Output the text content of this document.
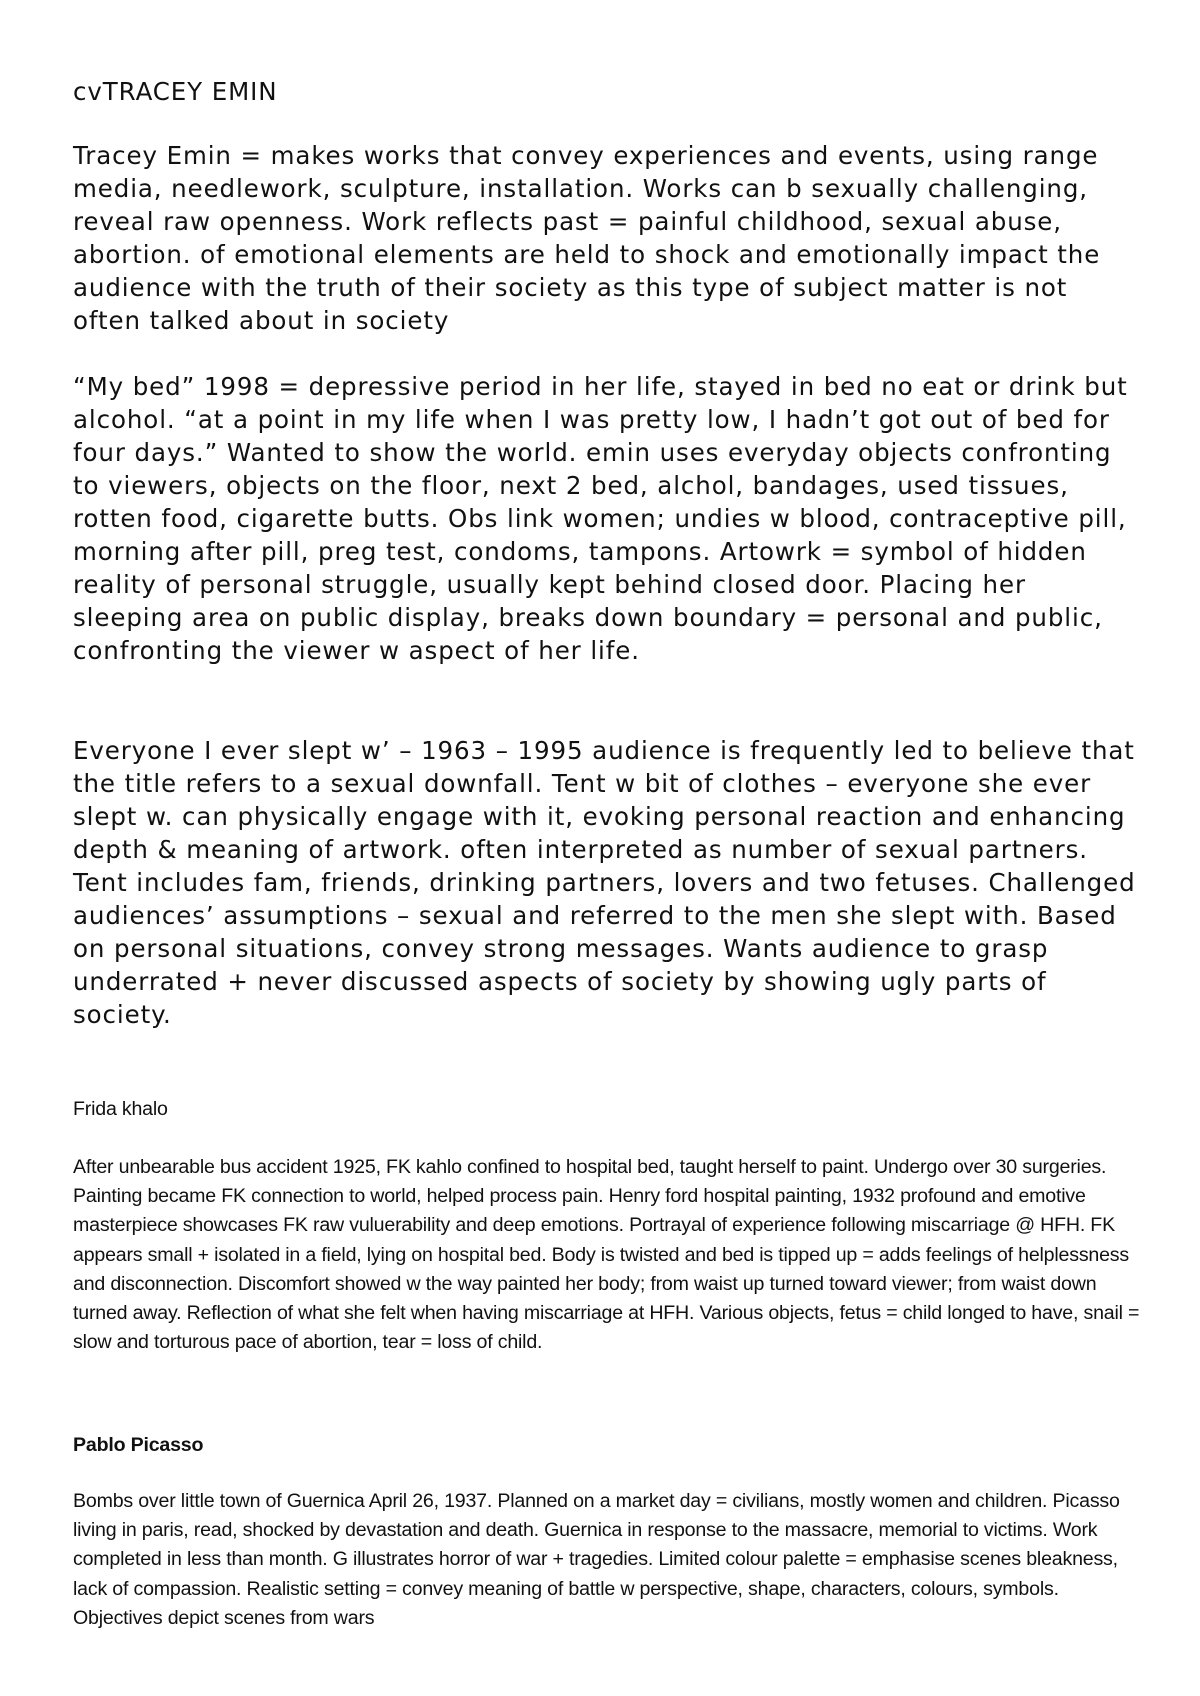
cvTRACEY EMIN

Tracey Emin = makes works that convey experiences and events, using range media, needlework, sculpture, installation. Works can b sexually challenging, reveal raw openness. Work reflects past = painful childhood, sexual abuse, abortion. of emotional elements are held to shock and emotionally impact the audience with the truth of their society as this type of subject matter is not often talked about in society

“My bed” 1998 = depressive period in her life, stayed in bed no eat or drink but alcohol. “at a point in my life when I was pretty low, I hadn’t got out of bed for four days.” Wanted to show the world. emin uses everyday objects confronting to viewers, objects on the floor, next 2 bed, alchol, bandages, used tissues, rotten food, cigarette butts. Obs link women; undies w blood, contraceptive pill, morning after pill, preg test, condoms, tampons. Artowrk = symbol of hidden reality of personal struggle, usually kept behind closed door. Placing her sleeping area on public display, breaks down boundary = personal and public, confronting the viewer w aspect of her life.

Everyone I ever slept w’ – 1963 – 1995 audience is frequently led to believe that the title refers to a sexual downfall. Tent w bit of clothes – everyone she ever slept w. can physically engage with it, evoking personal reaction and enhancing depth & meaning of artwork. often interpreted as number of sexual partners. Tent includes fam, friends, drinking partners, lovers and two fetuses. Challenged audiences’ assumptions – sexual and referred to the men she slept with. Based on personal situations, convey strong messages. Wants audience to grasp underrated + never discussed aspects of society by showing ugly parts of society.

Frida khalo

After unbearable bus accident 1925, FK kahlo confined to hospital bed, taught herself to paint. Undergo over 30 surgeries. Painting became FK connection to world, helped process pain. Henry ford hospital painting, 1932 profound and emotive masterpiece showcases FK raw vuluerability and deep emotions. Portrayal of experience following miscarriage @ HFH. FK appears small + isolated in a field, lying on hospital bed. Body is twisted and bed is tipped up = adds feelings of helplessness and disconnection. Discomfort showed w the way painted her body; from waist up turned toward viewer; from waist down turned away. Reflection of what she felt when having miscarriage at HFH. Various objects, fetus = child longed to have, snail = slow and torturous pace of abortion, tear = loss of child.

Pablo Picasso

Bombs over little town of Guernica April 26, 1937. Planned on a market day = civilians, mostly women and children. Picasso living in paris, read, shocked by devastation and death. Guernica in response to the massacre, memorial to victims. Work completed in less than month. G illustrates horror of war + tragedies. Limited colour palette = emphasise scenes bleakness, lack of compassion. Realistic setting = convey meaning of battle w perspective, shape, characters, colours, symbols. Objectives depict scenes from wars
